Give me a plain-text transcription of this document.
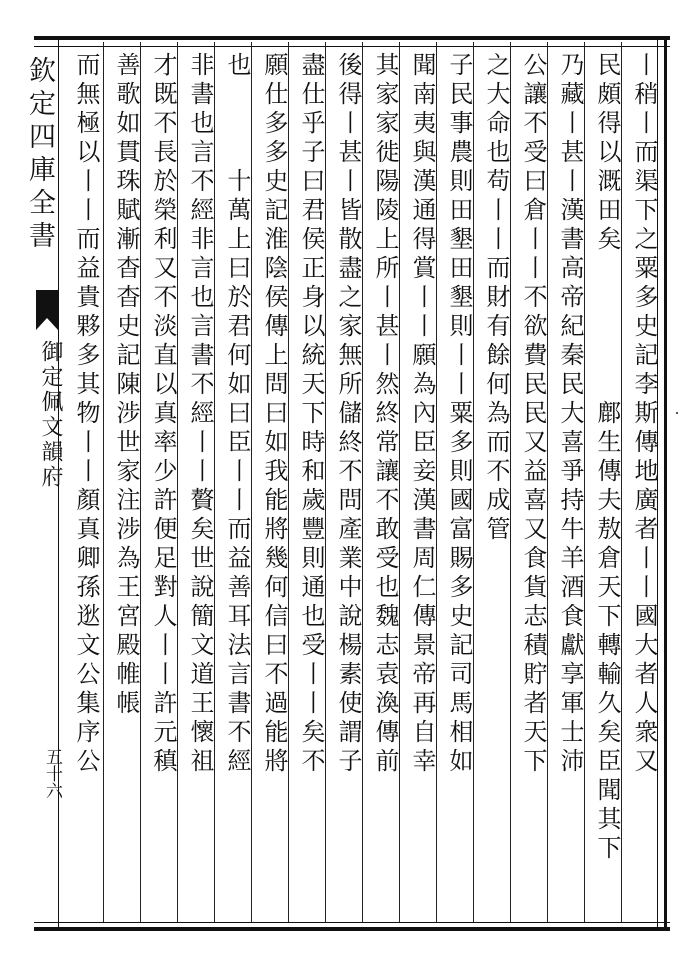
丨稍丨而渠下之粟多史記李斯傳地廣者丨丨國大者人衆又
民頗得以溉田矣　　　　　鄜生傳夫敖倉天下轉輸久矣臣聞其下
乃藏丨甚丨漢書高帝紀秦民大喜爭持牛羊酒食獻享軍士沛
公讓不受曰倉丨丨不欲費民民又益喜又食貨志積貯者天下
之大命也苟丨丨而財有餘何為而不成管
子民事農則田墾田墾則丨丨粟多則國富賜多史記司馬相如
聞南夷與漢通得賞丨丨願為內臣妾漢書周仁傳景帝再自幸
其家家徙陽陵上所丨甚丨然終常讓不敢受也魏志袁渙傳前
後得丨甚丨皆散盡之家無所儲終不問產業中說楊素使謂子
盡仕乎子曰君侯正身以統天下時和歲豐則通也受丨丨矣不
願仕多多史記淮陰侯傳上問曰如我能將幾何信曰不過能將
也　　　十萬上曰於君何如曰臣丨丨而益善耳法言書不經
非書也言不經非言也言書不經丨丨贅矣世說簡文道王懷祖
才既不長於榮利又不淡直以真率少許便足對人丨丨許元稹
善歌如貫珠賦漸杳杳史記陳涉世家注涉為王宮殿帷帳
而無極以丨丨而益貴夥多其物丨丨顏真卿孫逖文公集序公
欽定四庫全書
御定佩文韻府
五十六
